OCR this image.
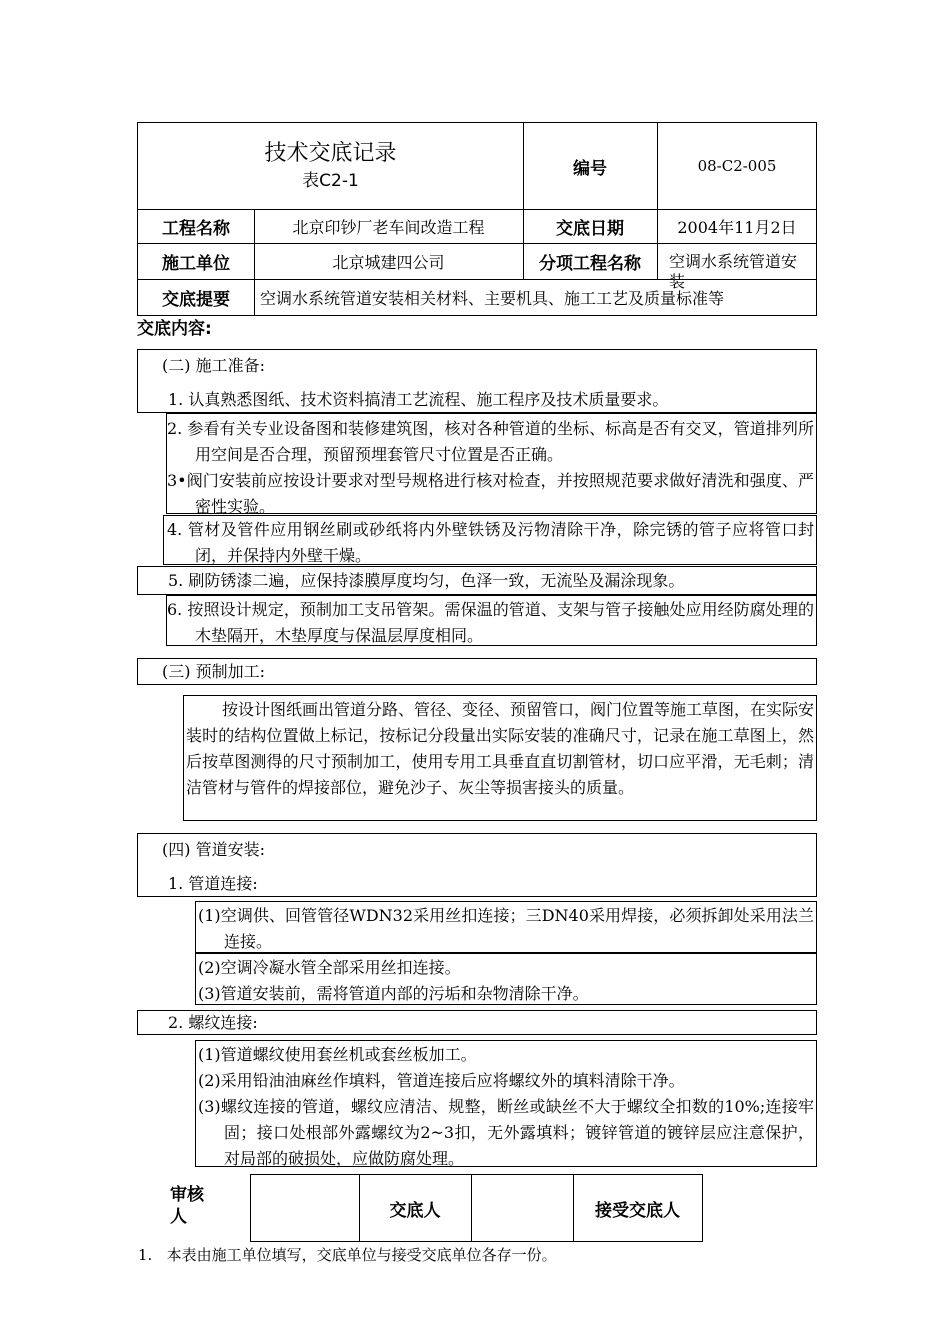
技术交底记录
表C2-1
编号	08-C2-005
工程名称	北京印钞厂老车间改造工程	交底日期	2004年11月2日
施工单位	北京城建四公司	分项工程名称	空调水系统管道安装
交底提要	空调水系统管道安装相关材料、主要机具、施工工艺及质量标准等
交底内容:
(二) 施工准备:
1. 认真熟悉图纸、技术资料搞清工艺流程、施工程序及技术质量要求。
2. 参看有关专业设备图和装修建筑图，核对各种管道的坐标、标高是否有交叉，管道排列所用空间是否合理，预留预埋套管尺寸位置是否正确。
3•阀门安装前应按设计要求对型号规格进行核对检查，并按照规范要求做好清洗和强度、严密性实验。
4. 管材及管件应用钢丝刷或砂纸将内外壁铁锈及污物清除干净，除完锈的管子应将管口封闭，并保持内外壁干燥。
5. 刷防锈漆二遍，应保持漆膜厚度均匀，色泽一致，无流坠及漏涂现象。
6. 按照设计规定，预制加工支吊管架。需保温的管道、支架与管子接触处应用经防腐处理的木垫隔开，木垫厚度与保温层厚度相同。
(三) 预制加工:
按设计图纸画出管道分路、管径、变径、预留管口，阀门位置等施工草图，在实际安装时的结构位置做上标记，按标记分段量出实际安装的准确尺寸，记录在施工草图上，然后按草图测得的尺寸预制加工，使用专用工具垂直直切割管材，切口应平滑，无毛刺；清洁管材与管件的焊接部位，避免沙子、灰尘等损害接头的质量。
(四) 管道安装:
1. 管道连接:
(1)空调供、回管管径WDN32采用丝扣连接；三DN40采用焊接，必须拆卸处采用法兰连接。
(2)空调冷凝水管全部采用丝扣连接。
(3)管道安装前，需将管道内部的污垢和杂物清除干净。
2. 螺纹连接:
(1)管道螺纹使用套丝机或套丝板加工。
(2)采用铅油油麻丝作填料，管道连接后应将螺纹外的填料清除干净。
(3)螺纹连接的管道，螺纹应清洁、规整，断丝或缺丝不大于螺纹全扣数的10%;连接牢固；接口处根部外露螺纹为2~3扣，无外露填料；镀锌管道的镀锌层应注意保护，对局部的破损处，应做防腐处理。
审核人	交底人	接受交底人
1.   本表由施工单位填写，交底单位与接受交底单位各存一份。
